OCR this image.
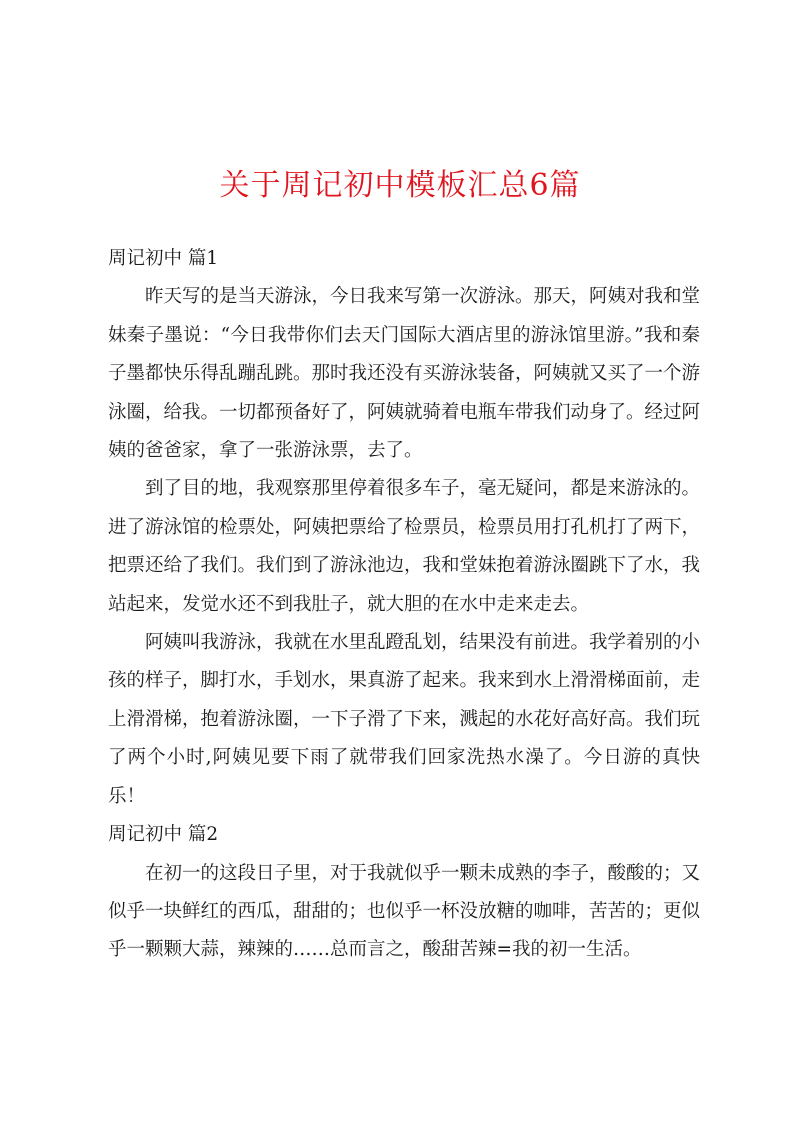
关于周记初中模板汇总6篇

周记初中 篇1

昨天写的是当天游泳，今日我来写第一次游泳。那天，阿姨对我和堂妹秦子墨说：“今日我带你们去天门国际大酒店里的游泳馆里游。”我和秦子墨都快乐得乱蹦乱跳。那时我还没有买游泳装备，阿姨就又买了一个游泳圈，给我。一切都预备好了，阿姨就骑着电瓶车带我们动身了。经过阿姨的爸爸家，拿了一张游泳票，去了。

到了目的地，我观察那里停着很多车子，毫无疑问，都是来游泳的。进了游泳馆的检票处，阿姨把票给了检票员，检票员用打孔机打了两下，把票还给了我们。我们到了游泳池边，我和堂妹抱着游泳圈跳下了水，我站起来，发觉水还不到我肚子，就大胆的在水中走来走去。

阿姨叫我游泳，我就在水里乱蹬乱划，结果没有前进。我学着别的小孩的样子，脚打水，手划水，果真游了起来。我来到水上滑滑梯面前，走上滑滑梯，抱着游泳圈，一下子滑了下来，溅起的水花好高好高。我们玩了两个小时,阿姨见要下雨了就带我们回家洗热水澡了。今日游的真快乐！

周记初中 篇2

在初一的这段日子里，对于我就似乎一颗未成熟的李子，酸酸的；又似乎一块鲜红的西瓜，甜甜的；也似乎一杯没放糖的咖啡，苦苦的；更似乎一颗颗大蒜，辣辣的……总而言之，酸甜苦辣=我的初一生活。
